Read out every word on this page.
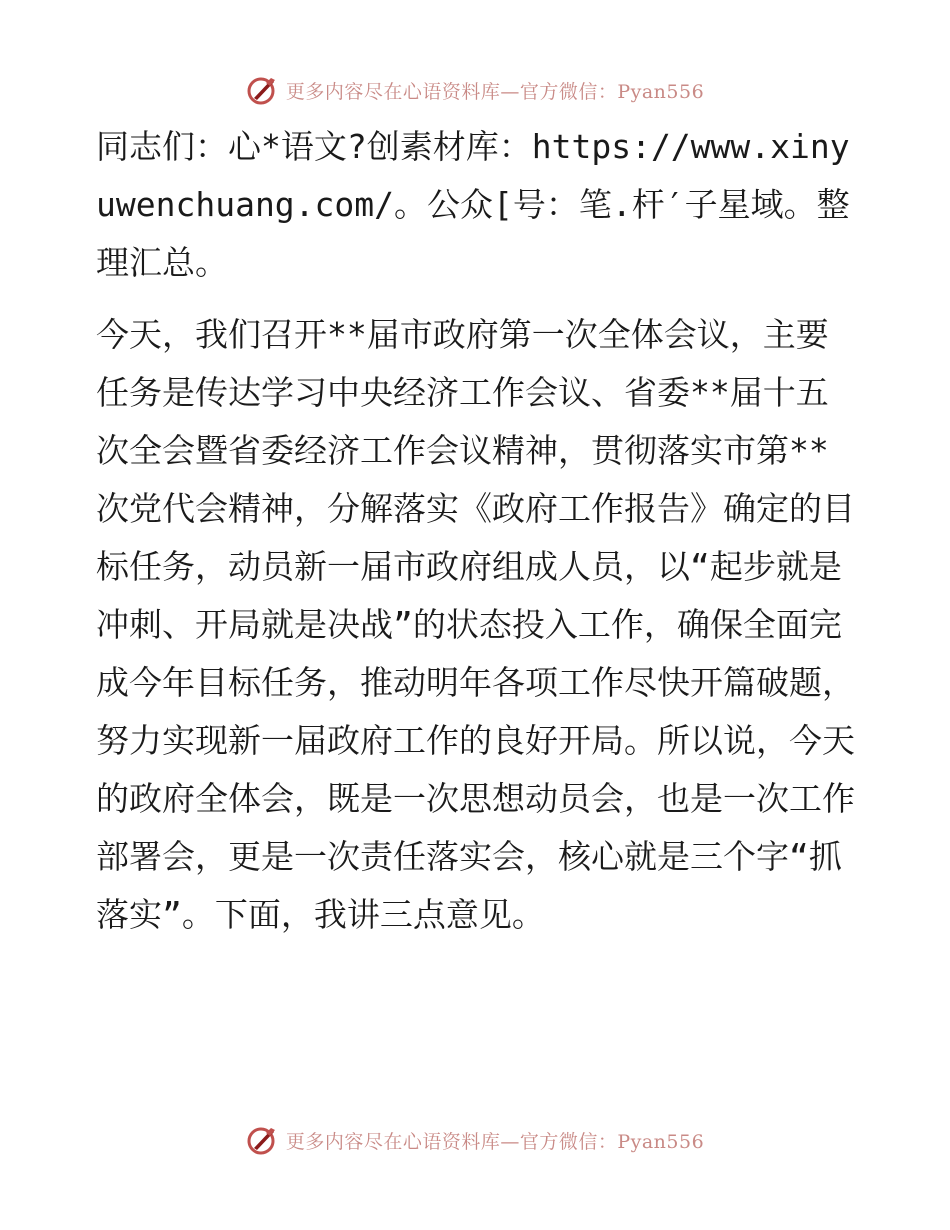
更多内容尽在心语资料库—官方微信：Pyan556

同志们：心*语文?创素材库：https://www.xinyuwenchuang.com/。公众[号：笔.杆′子星域。整理汇总。

今天，我们召开**届市政府第一次全体会议，主要任务是传达学习中央经济工作会议、省委**届十五次全会暨省委经济工作会议精神，贯彻落实市第**次党代会精神，分解落实《政府工作报告》确定的目标任务，动员新一届市政府组成人员，以“起步就是冲刺、开局就是决战”的状态投入工作，确保全面完成今年目标任务，推动明年各项工作尽快开篇破题，努力实现新一届政府工作的良好开局。所以说，今天的政府全体会，既是一次思想动员会，也是一次工作部署会，更是一次责任落实会，核心就是三个字“抓落实”。下面，我讲三点意见。

更多内容尽在心语资料库—官方微信：Pyan556
